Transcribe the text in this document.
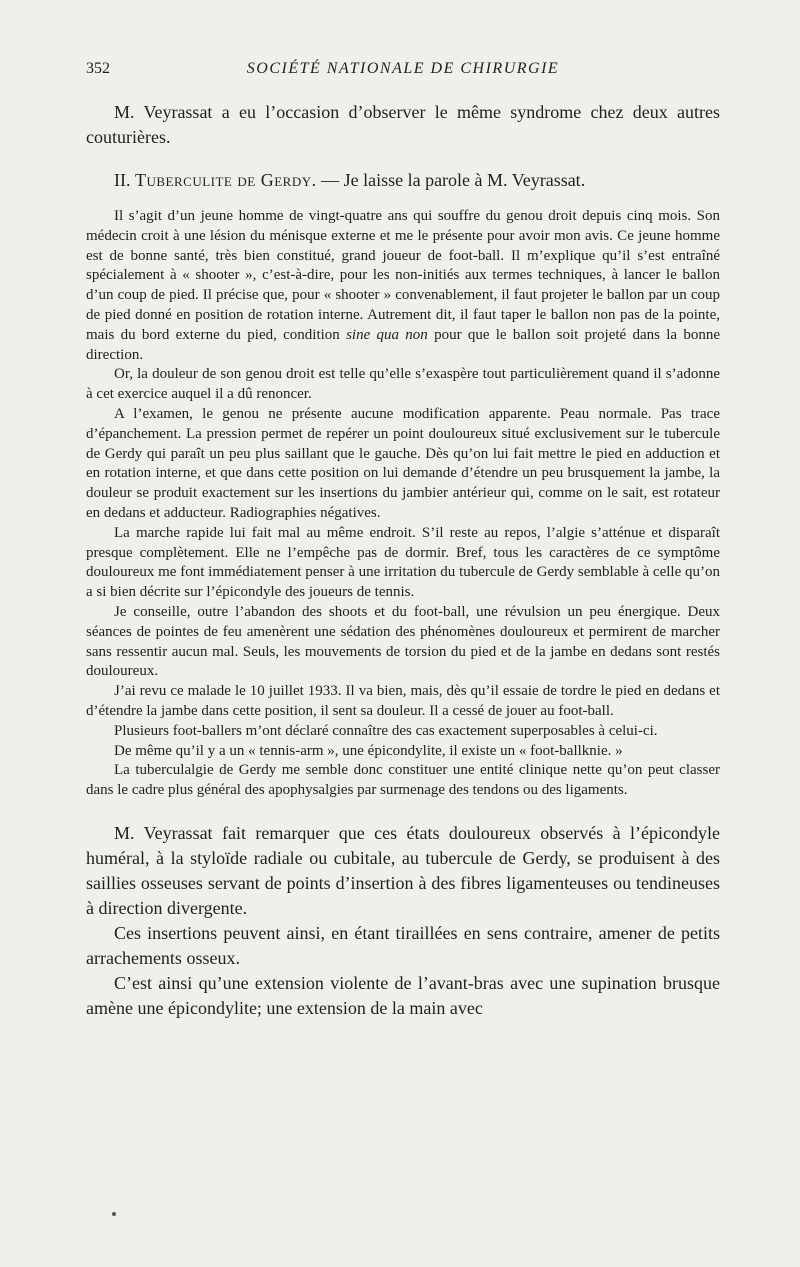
352	SOCIÉTÉ NATIONALE DE CHIRURGIE

M. Veyrassat a eu l’occasion d’observer le même syndrome chez deux autres couturières.

II. Tuberculite de Gerdy. — Je laisse la parole à M. Veyrassat.

Il s’agit d’un jeune homme de vingt-quatre ans qui souffre du genou droit depuis cinq mois. Son médecin croit à une lésion du ménisque externe et me le présente pour avoir mon avis. Ce jeune homme est de bonne santé, très bien constitué, grand joueur de foot-ball. Il m’explique qu’il s’est entraîné spécialement à « shooter », c’est-à-dire, pour les non-initiés aux termes techniques, à lancer le ballon d’un coup de pied. Il précise que, pour « shooter » convenablement, il faut projeter le ballon par un coup de pied donné en position de rotation interne. Autrement dit, il faut taper le ballon non pas de la pointe, mais du bord externe du pied, condition sine qua non pour que le ballon soit projeté dans la bonne direction.

Or, la douleur de son genou droit est telle qu’elle s’exaspère tout particulièrement quand il s’adonne à cet exercice auquel il a dû renoncer.

A l’examen, le genou ne présente aucune modification apparente. Peau normale. Pas trace d’épanchement. La pression permet de repérer un point douloureux situé exclusivement sur le tubercule de Gerdy qui paraît un peu plus saillant que le gauche. Dès qu’on lui fait mettre le pied en adduction et en rotation interne, et que dans cette position on lui demande d’étendre un peu brusquement la jambe, la douleur se produit exactement sur les insertions du jambier antérieur qui, comme on le sait, est rotateur en dedans et adducteur. Radiographies négatives.

La marche rapide lui fait mal au même endroit. S’il reste au repos, l’algie s’atténue et disparaît presque complètement. Elle ne l’empêche pas de dormir. Bref, tous les caractères de ce symptôme douloureux me font immédiatement penser à une irritation du tubercule de Gerdy semblable à celle qu’on a si bien décrite sur l’épicondyle des joueurs de tennis.

Je conseille, outre l’abandon des shoots et du foot-ball, une révulsion un peu énergique. Deux séances de pointes de feu amenèrent une sédation des phénomènes douloureux et permirent de marcher sans ressentir aucun mal. Seuls, les mouvements de torsion du pied et de la jambe en dedans sont restés douloureux.

J’ai revu ce malade le 10 juillet 1933. Il va bien, mais, dès qu’il essaie de tordre le pied en dedans et d’étendre la jambe dans cette position, il sent sa douleur. Il a cessé de jouer au foot-ball.

Plusieurs foot-ballers m’ont déclaré connaître des cas exactement superposables à celui-ci.

De même qu’il y a un « tennis-arm », une épicondylite, il existe un « foot-ballknie. »

La tuberculalgie de Gerdy me semble donc constituer une entité clinique nette qu’on peut classer dans le cadre plus général des apophysalgies par surmenage des tendons ou des ligaments.

M. Veyrassat fait remarquer que ces états douloureux observés à l’épicondyle huméral, à la styloïde radiale ou cubitale, au tubercule de Gerdy, se produisent à des saillies osseuses servant de points d’insertion à des fibres ligamenteuses ou tendineuses à direction divergente.

Ces insertions peuvent ainsi, en étant tiraillées en sens contraire, amener de petits arrachements osseux.

C’est ainsi qu’une extension violente de l’avant-bras avec une supination brusque amène une épicondylite; une extension de la main avec
